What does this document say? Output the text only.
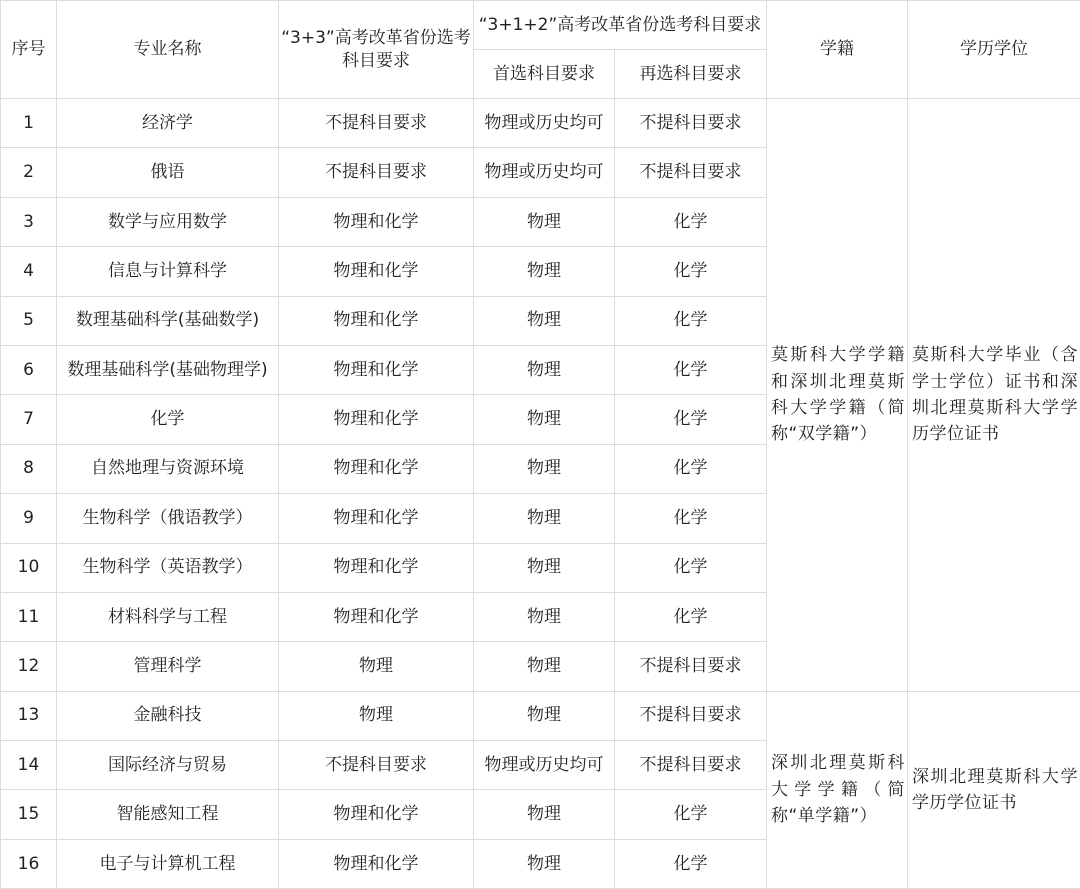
序号	专业名称	“3+3”高考改革省份选考科目要求	“3+1+2”高考改革省份选考科目要求		学籍	学历学位
			首选科目要求	再选科目要求		
1	经济学	不提科目要求	物理或历史均可	不提科目要求	莫斯科大学学籍和深圳北理莫斯科大学学籍（简称“双学籍”）	莫斯科大学毕业（含学士学位）证书和深圳北理莫斯科大学学历学位证书
2	俄语	不提科目要求	物理或历史均可	不提科目要求		
3	数学与应用数学	物理和化学	物理	化学		
4	信息与计算科学	物理和化学	物理	化学		
5	数理基础科学(基础数学)	物理和化学	物理	化学		
6	数理基础科学(基础物理学)	物理和化学	物理	化学		
7	化学	物理和化学	物理	化学		
8	自然地理与资源环境	物理和化学	物理	化学		
9	生物科学（俄语教学）	物理和化学	物理	化学		
10	生物科学（英语教学）	物理和化学	物理	化学		
11	材料科学与工程	物理和化学	物理	化学		
12	管理科学	物理	物理	不提科目要求		
13	金融科技	物理	物理	不提科目要求	深圳北理莫斯科大学学籍（简称“单学籍”）	深圳北理莫斯科大学学历学位证书
14	国际经济与贸易	不提科目要求	物理或历史均可	不提科目要求		
15	智能感知工程	物理和化学	物理	化学		
16	电子与计算机工程	物理和化学	物理	化学		
